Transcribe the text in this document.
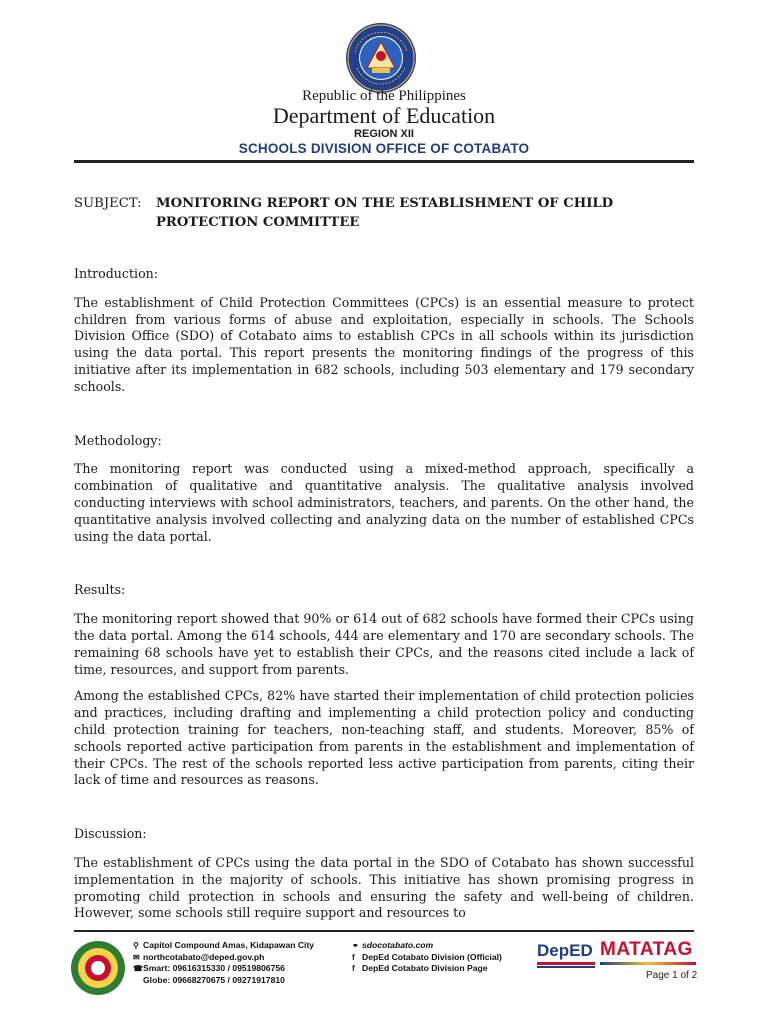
Republic of the Philippines
Department of Education
REGION XII
SCHOOLS DIVISION OFFICE OF COTABATO
SUBJECT: MONITORING REPORT ON THE ESTABLISHMENT OF CHILD
PROTECTION COMMITTEE

Introduction:

The establishment of Child Protection Committees (CPCs) is an essential measure to protect children from various forms of abuse and exploitation, especially in schools. The Schools Division Office (SDO) of Cotabato aims to establish CPCs in all schools within its jurisdiction using the data portal. This report presents the monitoring findings of the progress of this initiative after its implementation in 682 schools, including 503 elementary and 179 secondary schools.

Methodology:

The monitoring report was conducted using a mixed-method approach, specifically a combination of qualitative and quantitative analysis. The qualitative analysis involved conducting interviews with school administrators, teachers, and parents. On the other hand, the quantitative analysis involved collecting and analyzing data on the number of established CPCs using the data portal.

Results:

The monitoring report showed that 90% or 614 out of 682 schools have formed their CPCs using the data portal. Among the 614 schools, 444 are elementary and 170 are secondary schools. The remaining 68 schools have yet to establish their CPCs, and the reasons cited include a lack of time, resources, and support from parents.

Among the established CPCs, 82% have started their implementation of child protection policies and practices, including drafting and implementing a child protection policy and conducting child protection training for teachers, non-teaching staff, and students. Moreover, 85% of schools reported active participation from parents in the establishment and implementation of their CPCs. The rest of the schools reported less active participation from parents, citing their lack of time and resources as reasons.

Discussion:

The establishment of CPCs using the data portal in the SDO of Cotabato has shown successful implementation in the majority of schools. This initiative has shown promising progress in promoting child protection in schools and ensuring the safety and well-being of children. However, some schools still require support and resources to

⚲ Capitol Compound Amas, Kidapawan City
✉ northcotabato@deped.gov.ph
☎Smart: 09616315330 / 09519806756
Globe: 09668270675 / 09271917810
⚭ sdocotabato.com
f DepEd Cotabato Division (Official)
f DepEd Cotabato Division Page
DepED MATATAG
Page 1 of 2
